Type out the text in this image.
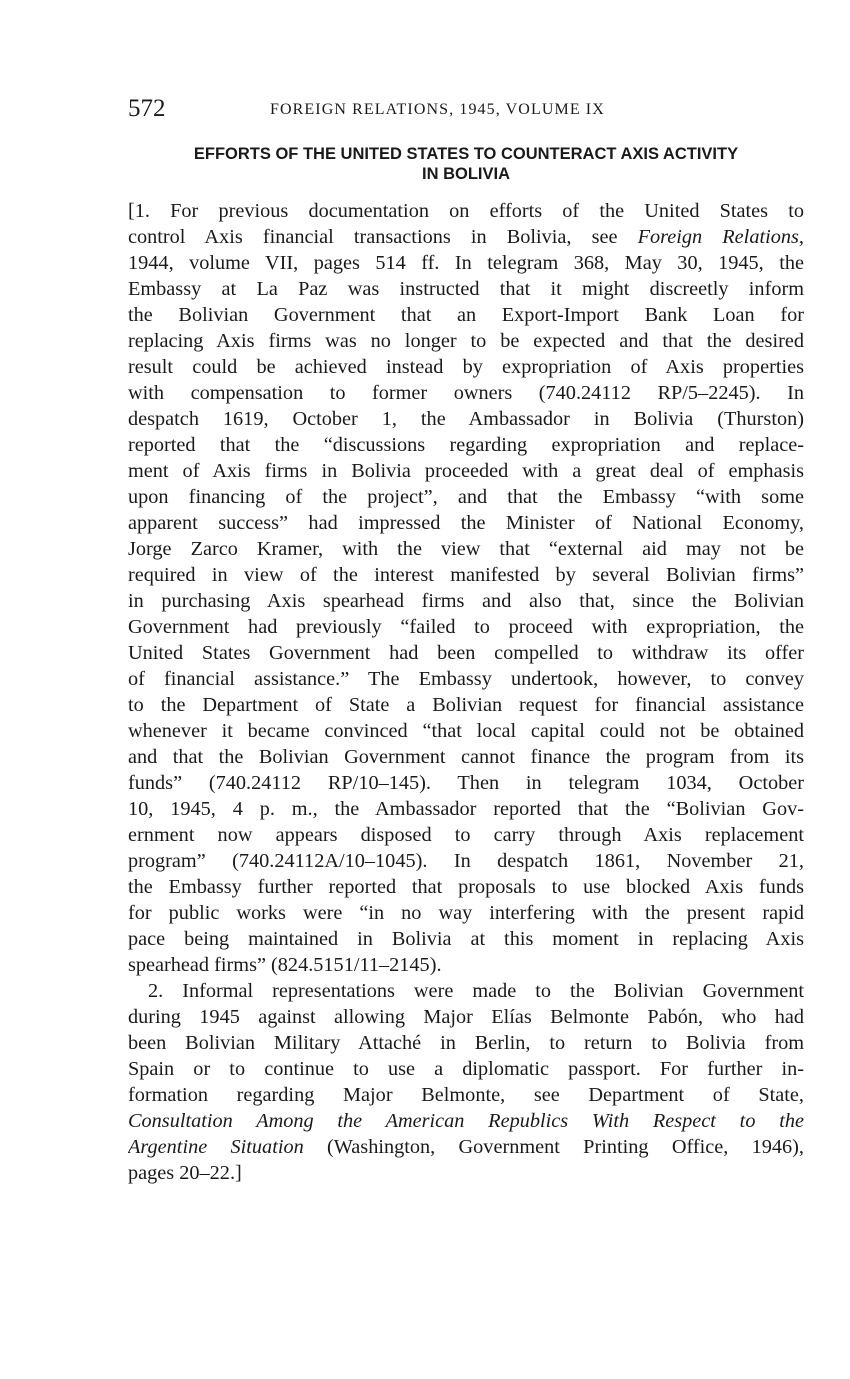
572	FOREIGN RELATIONS, 1945, VOLUME IX
EFFORTS OF THE UNITED STATES TO COUNTERACT AXIS ACTIVITY
IN BOLIVIA
[1. For previous documentation on efforts of the United States to
control Axis financial transactions in Bolivia, see Foreign Relations,
1944, volume VII, pages 514 ff. In telegram 368, May 30, 1945, the
Embassy at La Paz was instructed that it might discreetly inform
the Bolivian Government that an Export-Import Bank Loan for
replacing Axis firms was no longer to be expected and that the desired
result could be achieved instead by expropriation of Axis properties
with compensation to former owners (740.24112 RP/5–2245). In
despatch 1619, October 1, the Ambassador in Bolivia (Thurston)
reported that the “discussions regarding expropriation and replace-
ment of Axis firms in Bolivia proceeded with a great deal of emphasis
upon financing of the project”, and that the Embassy “with some
apparent success” had impressed the Minister of National Economy,
Jorge Zarco Kramer, with the view that “external aid may not be
required in view of the interest manifested by several Bolivian firms”
in purchasing Axis spearhead firms and also that, since the Bolivian
Government had previously “failed to proceed with expropriation, the
United States Government had been compelled to withdraw its offer
of financial assistance.” The Embassy undertook, however, to convey
to the Department of State a Bolivian request for financial assistance
whenever it became convinced “that local capital could not be obtained
and that the Bolivian Government cannot finance the program from its
funds” (740.24112 RP/10–145). Then in telegram 1034, October
10, 1945, 4 p. m., the Ambassador reported that the “Bolivian Gov-
ernment now appears disposed to carry through Axis replacement
program” (740.24112A/10–1045). In despatch 1861, November 21,
the Embassy further reported that proposals to use blocked Axis funds
for public works were “in no way interfering with the present rapid
pace being maintained in Bolivia at this moment in replacing Axis
spearhead firms” (824.5151/11–2145).
2. Informal representations were made to the Bolivian Government
during 1945 against allowing Major Elías Belmonte Pabón, who had
been Bolivian Military Attaché in Berlin, to return to Bolivia from
Spain or to continue to use a diplomatic passport. For further in-
formation regarding Major Belmonte, see Department of State,
Consultation Among the American Republics With Respect to the
Argentine Situation (Washington, Government Printing Office, 1946),
pages 20–22.]
